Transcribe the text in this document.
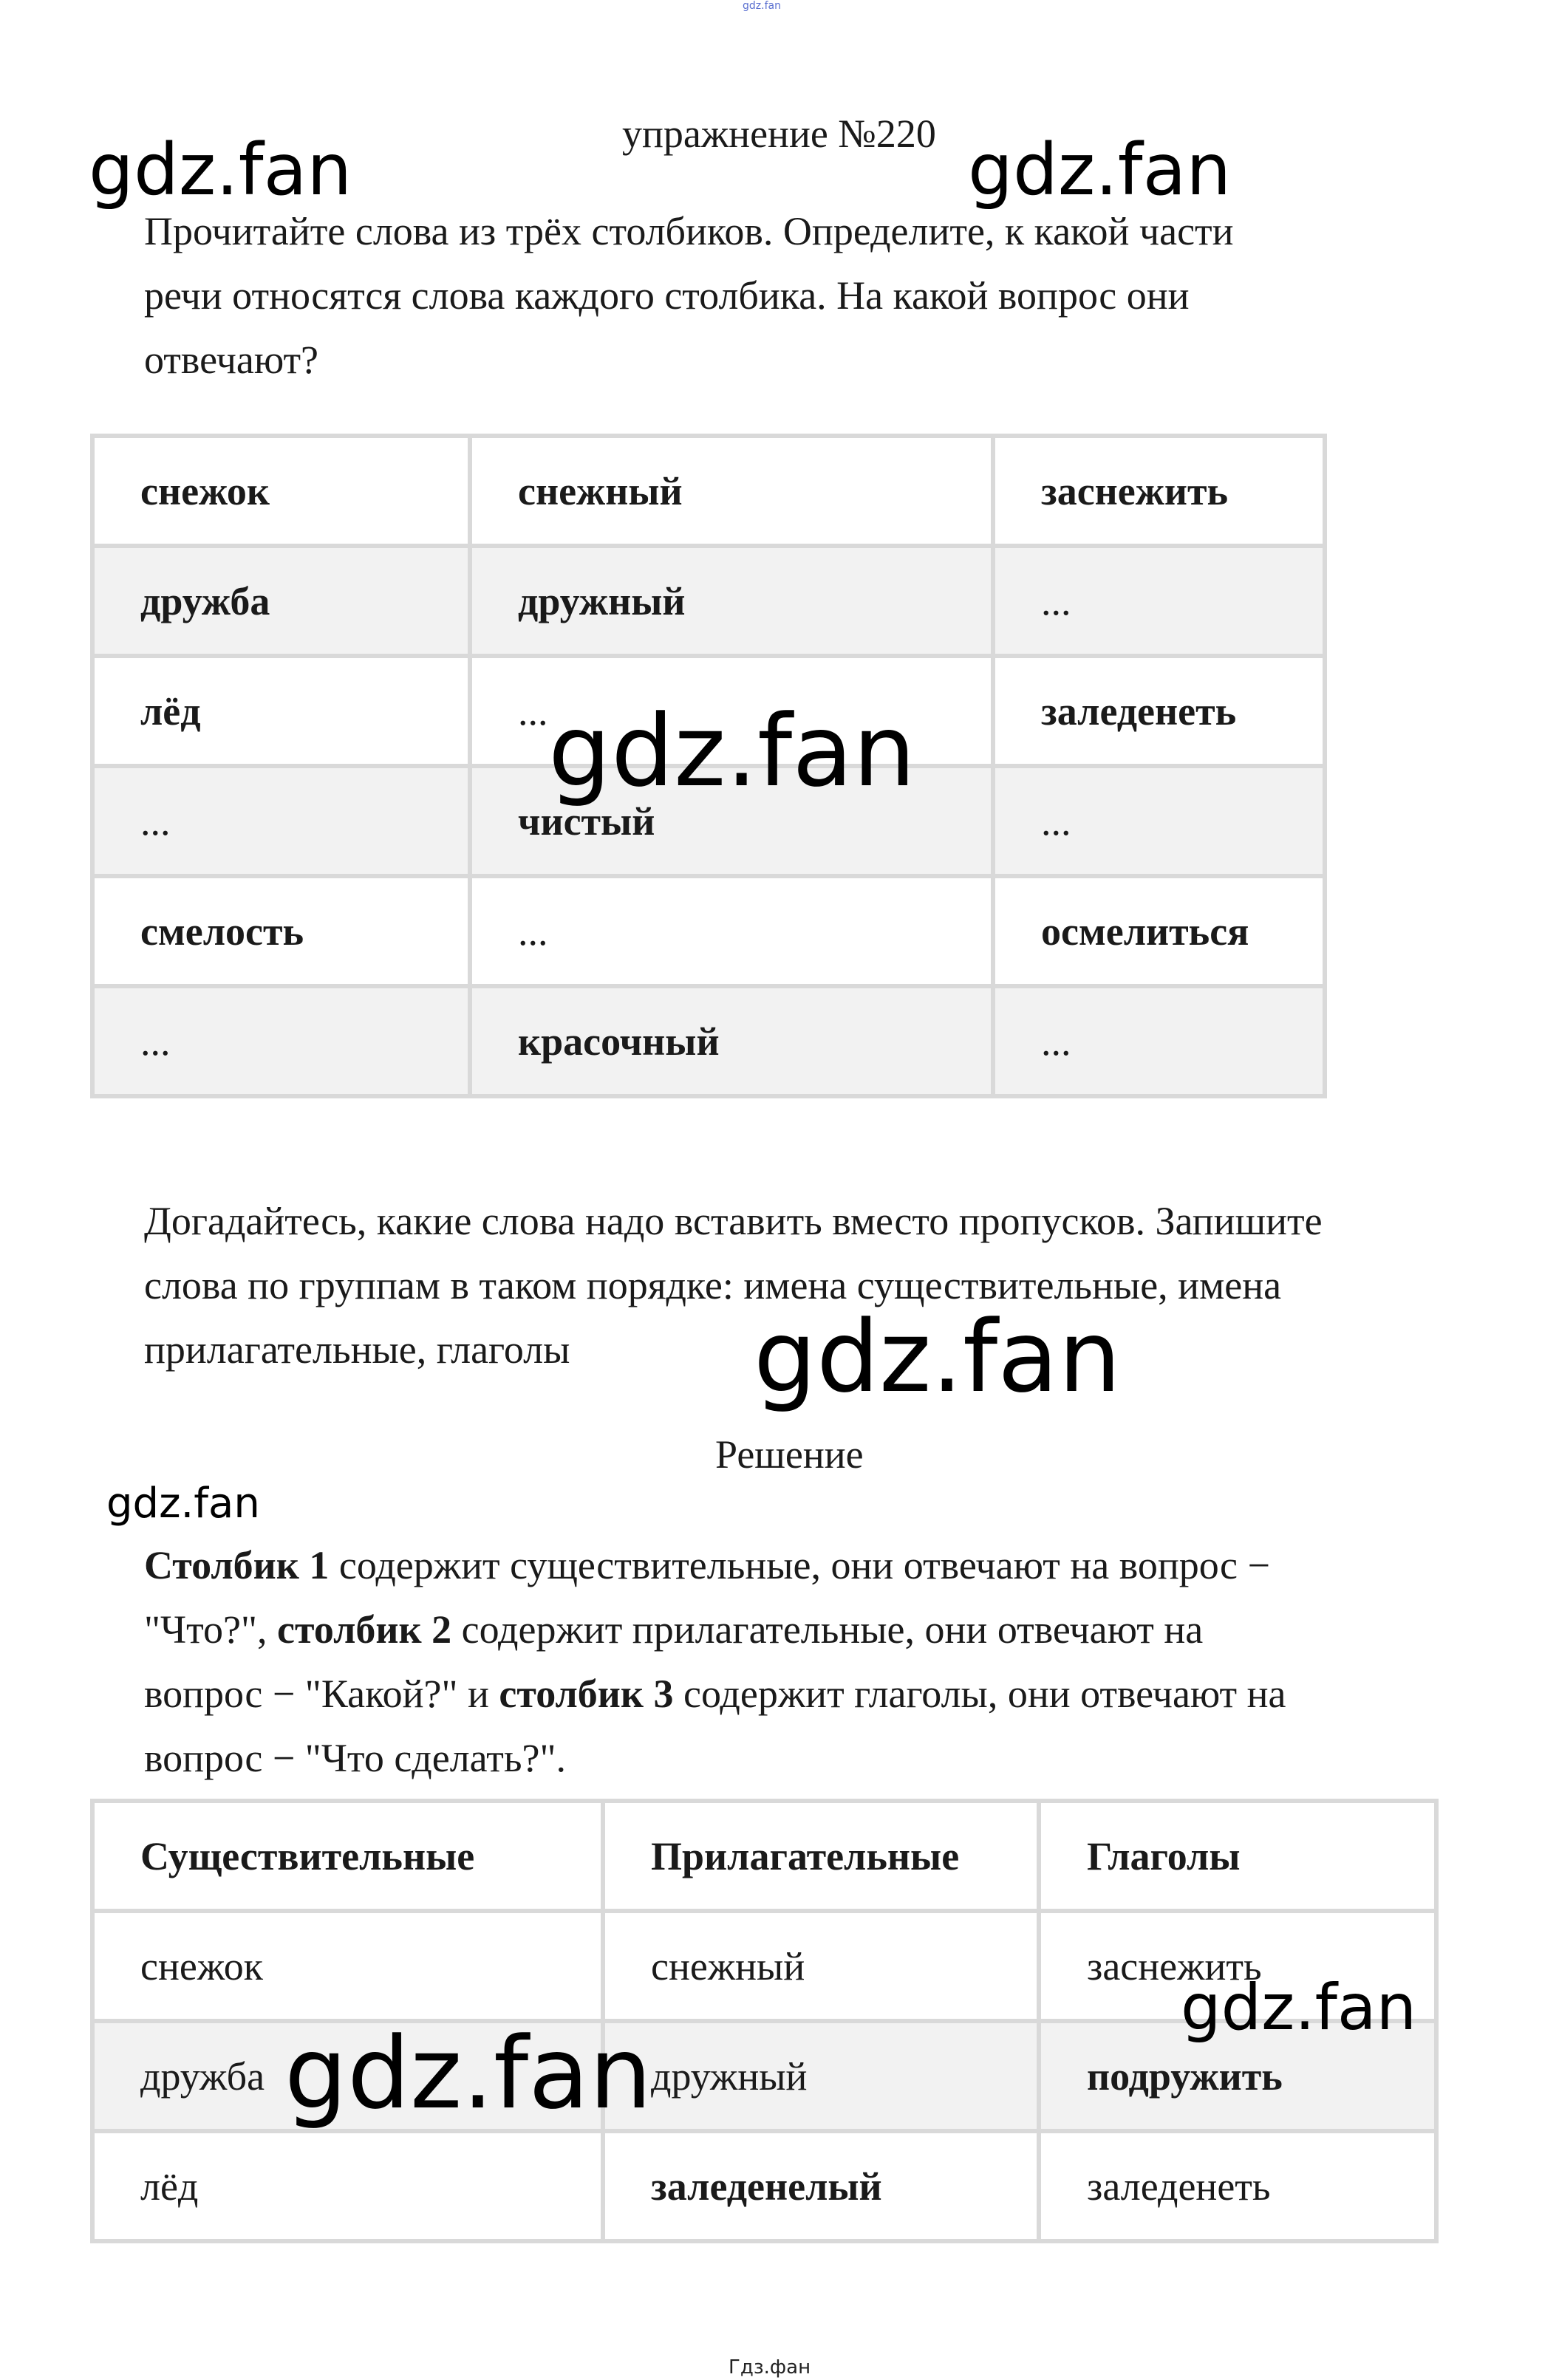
gdz.fan
упражнение №220
Прочитайте слова из трёх столбиков. Определите, к какой части
речи относятся слова каждого столбика. На какой вопрос они
отвечают?
снежок	снежный	заснежить
дружба	дружный	...
лёд	...	заледенеть
...	чистый	...
смелость	...	осмелиться
...	красочный	...
Догадайтесь, какие слова надо вставить вместо пропусков. Запишите
слова по группам в таком порядке: имена существительные, имена
прилагательные, глаголы
Решение
Столбик 1 содержит существительные, они отвечают на вопрос −
"Что?", столбик 2 содержит прилагательные, они отвечают на
вопрос − "Какой?" и столбик 3 содержит глаголы, они отвечают на
вопрос − "Что сделать?".
Существительные	Прилагательные	Глаголы
снежок	снежный	заснежить
дружба	дружный	подружить
лёд	заледенелый	заледенеть
gdz.fan	gdz.fan
gdz.fan
gdz.fan
gdz.fan
gdz.fan
gdz.fan
Гдз.фан
